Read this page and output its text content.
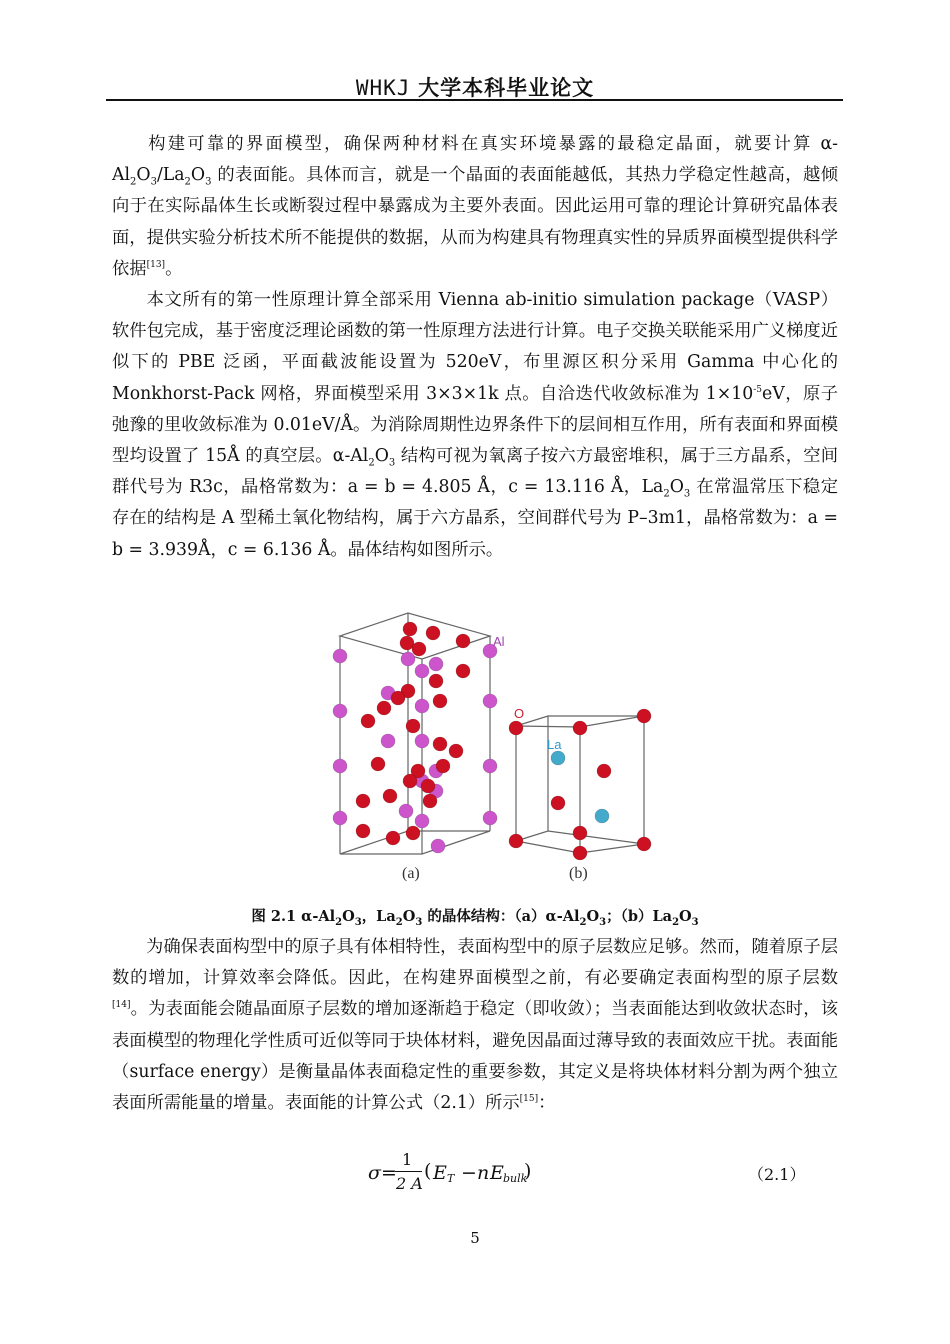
WHKJ 大学本科毕业论文

构建可靠的界面模型，确保两种材料在真实环境暴露的最稳定晶面，就要计算 $\alpha-Al_2O_3/La_2O_3$ 的表面能。具体而言，就是一个晶面的表面能越低，其热力学稳定性越高，越倾向于在实际晶体生长或断裂过程中暴露成为主要外表面。因此运用可靠的理论计算研究晶体表面，提供实验分析技术所不能提供的数据，从而为构建具有物理真实性的异质界面模型提供科学依据[13]。

本文所有的第一性原理计算全部采用 Vienna ab-initio simulation package（VASP）软件包完成，基于密度泛理论函数的第一性原理方法进行计算。电子交换关联能采用广义梯度近似下的 PBE 泛函，平面截波能设置为 520eV，布里源区积分采用 Gamma 中心化的 Monkhorst-Pack 网格，界面模型采用 3×3×1k 点。自洽迭代收敛标准为 $1\times 10^{-5}eV$，原子弛豫的里收敛标准为 0.01eV/Å。为消除周期性边界条件下的层间相互作用，所有表面和界面模型均设置了 15Å 的真空层。$\alpha-Al_2O_3$ 结构可视为氧离子按六方最密堆积，属于三方晶系，空间群代号为 R3c，晶格常数为：a = b = 4.805 Å，c = 13.116 Å，$La_2O_3$ 在常温常压下稳定存在的结构是 A 型稀土氧化物结构，属于六方晶系，空间群代号为 P–3m1，晶格常数为：a = b = 3.939Å，c = 6.136 Å。晶体结构如图所示。

Al
O
La
(a)	(b)
图 2.1 $\alpha-Al_2O_3$，$La_2O_3$ 的晶体结构：$(a)\alpha-Al_2O_3$；$(b)La_2O_3$

为确保表面构型中的原子具有体相特性，表面构型中的原子层数应足够。然而，随着原子层数的增加，计算效率会降低。因此，在构建界面模型之前，有必要确定表面构型的原子层数[14]。为表面能会随晶面原子层数的增加逐渐趋于稳定（即收敛）；当表面能达到收敛状态时，该表面模型的物理化学性质可近似等同于块体材料，避免因晶面过薄导致的表面效应干扰。表面能（surface energy）是衡量晶体表面稳定性的重要参数，其定义是将块体材料分割为两个独立表面所需能量的增量。表面能的计算公式（2.1）所示[15]：

σ =
1
2 A
( E T − n E bulk
)	（2.1）
5
